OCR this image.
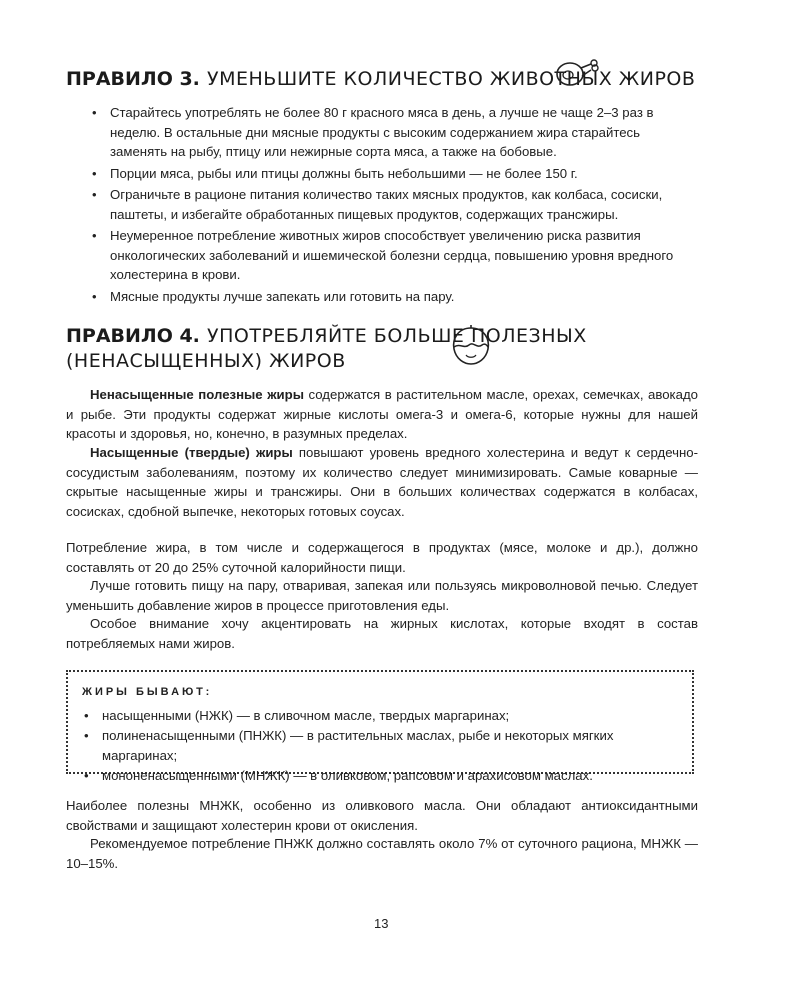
ПРАВИЛО 3. УМЕНЬШИТЕ КОЛИЧЕСТВО ЖИВОТНЫХ ЖИРОВ
• Старайтесь употреблять не более 80 г красного мяса в день, а лучше не чаще 2–3 раз в неделю. В остальные дни мясные продукты с высоким содержанием жира старайтесь заменять на рыбу, птицу или нежирные сорта мяса, а также на бобовые.
• Порции мяса, рыбы или птицы должны быть небольшими — не более 150 г.
• Ограничьте в рационе питания количество таких мясных продуктов, как колбаса, сосиски, паштеты, и избегайте обработанных пищевых продуктов, содержащих трансжиры.
• Неумеренное потребление животных жиров способствует увеличению риска развития онкологических заболеваний и ишемической болезни сердца, повышению уровня вредного холестерина в крови.
• Мясные продукты лучше запекать или готовить на пару.
ПРАВИЛО 4. УПОТРЕБЛЯЙТЕ БОЛЬШЕ ПОЛЕЗНЫХ
(НЕНАСЫЩЕННЫХ) ЖИРОВ

Ненасыщенные полезные жиры содержатся в растительном масле, орехах, семечках, авокадо и рыбе. Эти продукты содержат жирные кислоты омега-3 и омега-6, которые нужны для нашей красоты и здоровья, но, конечно, в разумных пределах.

Насыщенные (твердые) жиры повышают уровень вредного холестерина и ведут к сердечно-сосудистым заболеваниям, поэтому их количество следует минимизировать. Самые коварные — скрытые насыщенные жиры и трансжиры. Они в больших количествах содержатся в колбасах, сосисках, сдобной выпечке, некоторых готовых соусах.

Потребление жира, в том числе и содержащегося в продуктах (мясе, молоке и др.), должно составлять от 20 до 25% суточной калорийности пищи.

Лучше готовить пищу на пару, отваривая, запекая или пользуясь микроволновой печью. Следует уменьшить добавление жиров в процессе приготовления еды.

Особое внимание хочу акцентировать на жирных кислотах, которые входят в состав потребляемых нами жиров.

ЖИРЫ БЫВАЮТ:
• насыщенными (НЖК) — в сливочном масле, твердых маргаринах;
• полиненасыщенными (ПНЖК) — в растительных маслах, рыбе и некоторых мягких маргаринах;
• мононенасыщенными (МНЖК) — в оливковом, рапсовом и арахисовом маслах.

Наиболее полезны МНЖК, особенно из оливкового масла. Они обладают антиоксидантными свойствами и защищают холестерин крови от окисления.

Рекомендуемое потребление ПНЖК должно составлять около 7% от суточного рациона, МНЖК — 10–15%.

13
